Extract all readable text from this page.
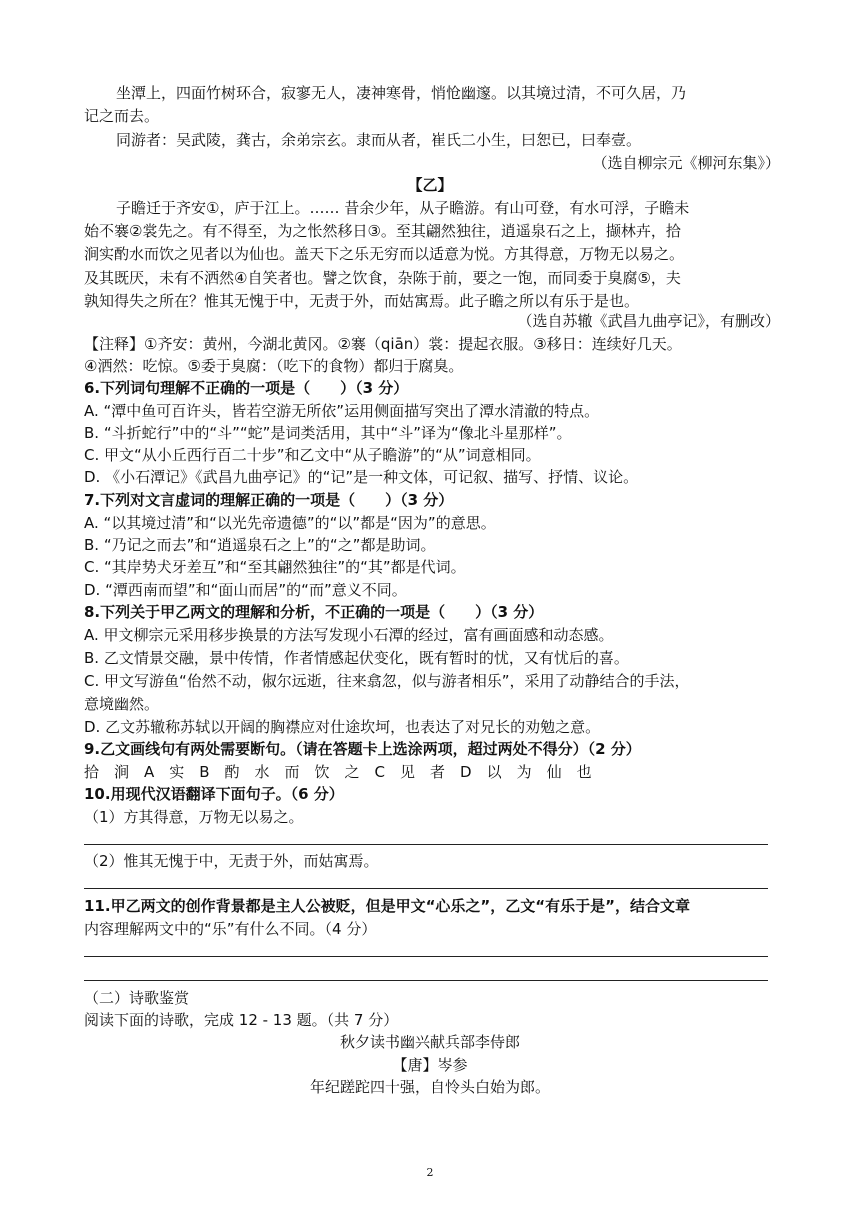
坐潭上，四面竹树环合，寂寥无人，凄神寒骨，悄怆幽邃。以其境过清，不可久居，乃
记之而去。
同游者：吴武陵，龚古，余弟宗玄。隶而从者，崔氏二小生，曰恕已，曰奉壹。
（选自柳宗元《柳河东集》）
【乙】
子瞻迁于齐安①，庐于江上。…… 昔余少年，从子瞻游。有山可登，有水可浮，子瞻未
始不褰②裳先之。有不得至，为之怅然移日③。至其翩然独往，逍遥泉石之上，撷林卉，拾
涧实酌水而饮之见者以为仙也。盖天下之乐无穷而以适意为悦。方其得意，万物无以易之。
及其既厌，未有不洒然④自笑者也。譬之饮食，杂陈于前，要之一饱，而同委于臭腐⑤，夫
孰知得失之所在？惟其无愧于中，无责于外，而姑寓焉。此子瞻之所以有乐于是也。
（选自苏辙《武昌九曲亭记》，有删改）
【注释】①齐安：黄州，今湖北黄冈。②褰（qiān）裳：提起衣服。③移日：连续好几天。
④洒然：吃惊。⑤委于臭腐：（吃下的食物）都归于腐臭。
6.下列词句理解不正确的一项是（　　）（3 分）
A. “潭中鱼可百许头，皆若空游无所依”运用侧面描写突出了潭水清澈的特点。
B. “斗折蛇行”中的“斗”“蛇”是词类活用，其中“斗”译为“像北斗星那样”。
C. 甲文“从小丘西行百二十步”和乙文中“从子瞻游”的“从”词意相同。
D. 《小石潭记》《武昌九曲亭记》的“记”是一种文体，可记叙、描写、抒情、议论。
7.下列对文言虚词的理解正确的一项是（　　）（3 分）
A. “以其境过清”和“以光先帝遗德”的“以”都是“因为”的意思。
B. “乃记之而去”和“逍遥泉石之上”的“之”都是助词。
C. “其岸势犬牙差互”和“至其翩然独往”的“其”都是代词。
D. “潭西南而望”和“面山而居”的“而”意义不同。
8.下列关于甲乙两文的理解和分析，不正确的一项是（　　）（3 分）
A. 甲文柳宗元采用移步换景的方法写发现小石潭的经过，富有画面感和动态感。
B. 乙文情景交融，景中传情，作者情感起伏变化，既有暂时的忧，又有忧后的喜。
C. 甲文写游鱼“佁然不动，俶尔远逝，往来翕忽，似与游者相乐”，采用了动静结合的手法，
意境幽然。
D. 乙文苏辙称苏轼以开阔的胸襟应对仕途坎坷，也表达了对兄长的劝勉之意。
9.乙文画线句有两处需要断句。（请在答题卡上选涂两项，超过两处不得分）（2 分）
拾　涧　A　实　B　酌　水　而　饮　之　C　见　者　D　以　为　仙　也
10.用现代汉语翻译下面句子。（6 分）
（1）方其得意，万物无以易之。
（2）惟其无愧于中，无责于外，而姑寓焉。
11.甲乙两文的创作背景都是主人公被贬，但是甲文“心乐之”，乙文“有乐于是”，结合文章
内容理解两文中的“乐”有什么不同。（4 分）
（二）诗歌鉴赏
阅读下面的诗歌，完成 12 - 13 题。（共 7 分）
秋夕读书幽兴献兵部李侍郎
【唐】岑参
年纪蹉跎四十强，自怜头白始为郎。
2
